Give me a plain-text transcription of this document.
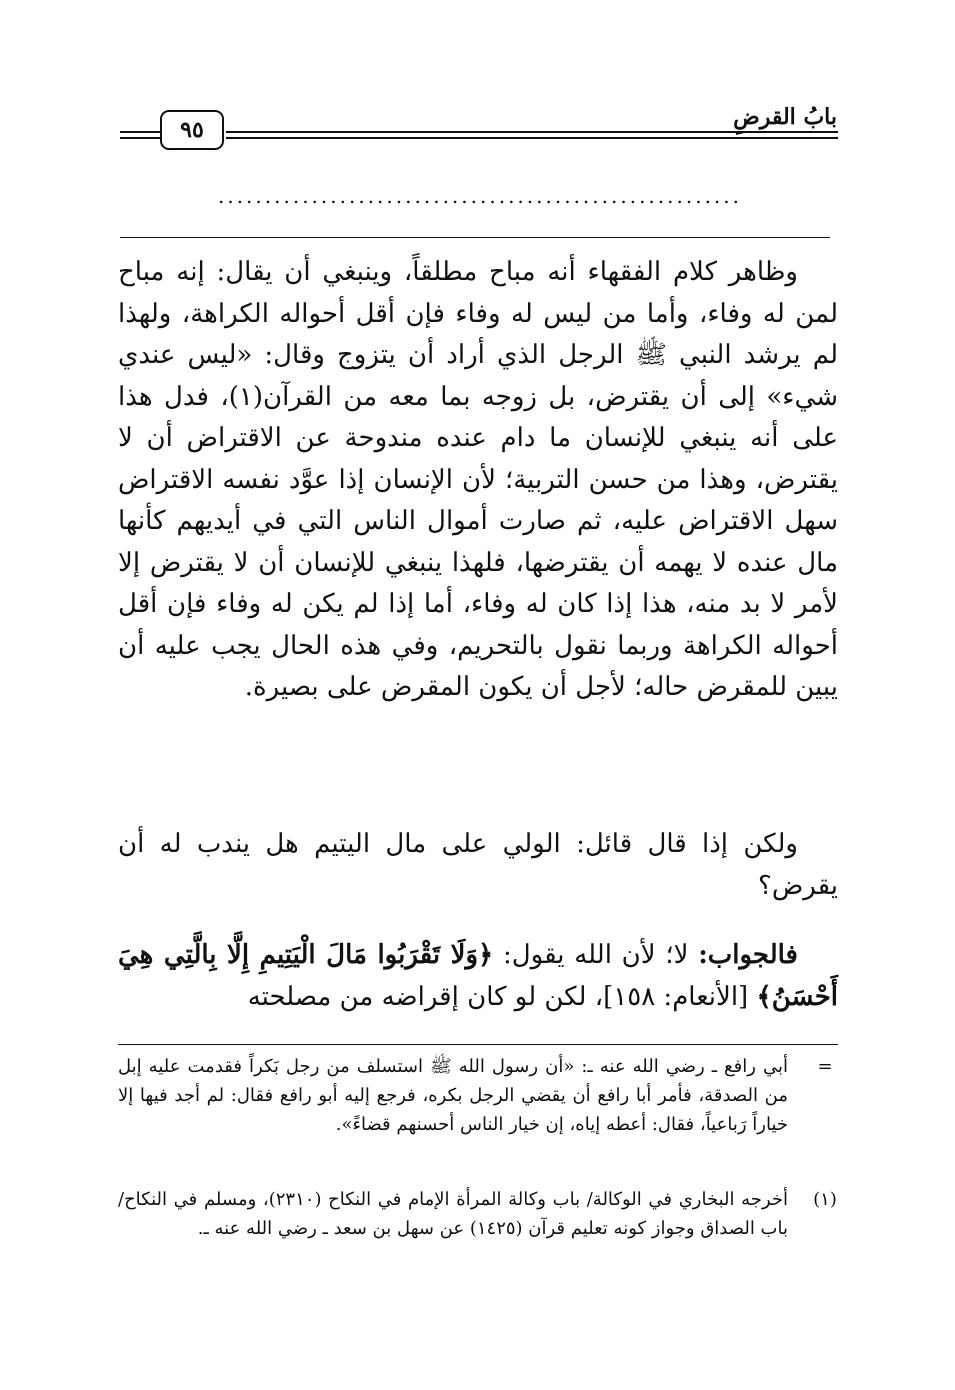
بابُ القرضِ
٩٥
........................................................

وظاهر كلام الفقهاء أنه مباح مطلقاً، وينبغي أن يقال: إنه مباح لمن له وفاء، وأما من ليس له وفاء فإن أقل أحواله الكراهة، ولهذا لم يرشد النبي ﷺ الرجل الذي أراد أن يتزوج وقال: «ليس عندي شيء» إلى أن يقترض، بل زوجه بما معه من القرآن(١)، فدل هذا على أنه ينبغي للإنسان ما دام عنده مندوحة عن الاقتراض أن لا يقترض، وهذا من حسن التربية؛ لأن الإنسان إذا عوَّد نفسه الاقتراض سهل الاقتراض عليه، ثم صارت أموال الناس التي في أيديهم كأنها مال عنده لا يهمه أن يقترضها، فلهذا ينبغي للإنسان أن لا يقترض إلا لأمر لا بد منه، هذا إذا كان له وفاء، أما إذا لم يكن له وفاء فإن أقل أحواله الكراهة وربما نقول بالتحريم، وفي هذه الحال يجب عليه أن يبين للمقرض حاله؛ لأجل أن يكون المقرض على بصيرة.

ولكن إذا قال قائل: الولي على مال اليتيم هل يندب له أن يقرض؟

فالجواب: لا؛ لأن الله يقول: ﴿وَلَا تَقْرَبُوا مَالَ الْيَتِيمِ إِلَّا بِالَّتِي هِيَ أَحْسَنُ﴾ [الأنعام: ١٥٨]، لكن لو كان إقراضه من مصلحته

=
أبي رافع ـ رضي الله عنه ـ: «أن رسول الله ﷺ استسلف من رجل بَكراً فقدمت عليه إبل من الصدقة، فأمر أبا رافع أن يقضي الرجل بكره، فرجع إليه أبو رافع فقال: لم أجد فيها إلا خياراً رَباعياً، فقال: أعطه إياه، إن خيار الناس أحسنهم قضاءً».
(١)
أخرجه البخاري في الوكالة/ باب وكالة المرأة الإمام في النكاح (٢٣١٠)، ومسلم في النكاح/ باب الصداق وجواز كونه تعليم قرآن (١٤٢٥) عن سهل بن سعد ـ رضي الله عنه ـ.
